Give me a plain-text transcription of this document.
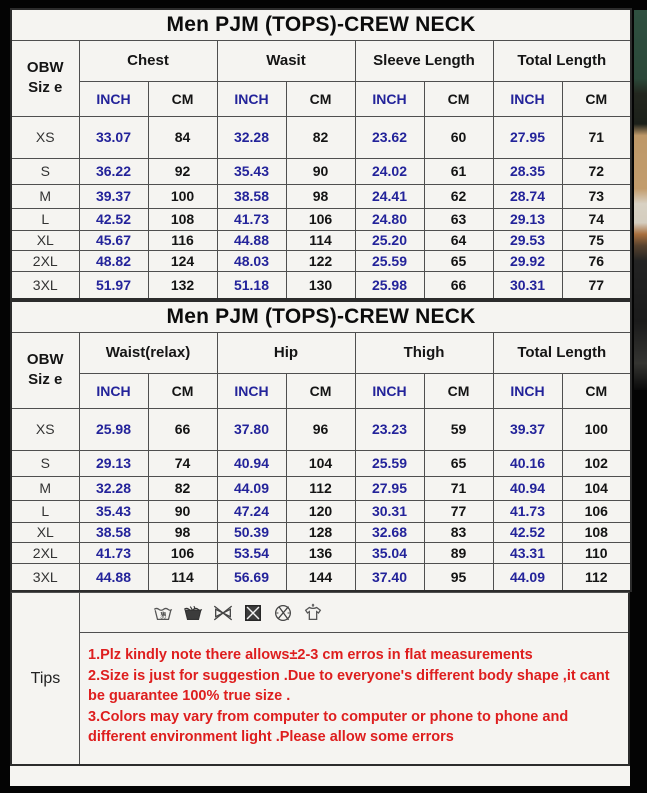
Men PJM (TOPS)-CREW NECK								

OBW
Siz e	Chest		Wasit		Sleeve Length		Total Length	
	INCH	CM	INCH	CM	INCH	CM	INCH	CM
XS	33.07	84	32.28	82	23.62	60	27.95	71
S	36.22	92	35.43	90	24.02	61	28.35	72
M	39.37	100	38.58	98	24.41	62	28.74	73
L	42.52	108	41.73	106	24.80	63	29.13	74
XL	45.67	116	44.88	114	25.20	64	29.53	75
2XL	48.82	124	48.03	122	25.59	65	29.92	76
3XL	51.97	132	51.18	130	25.98	66	30.31	77
Men PJM (TOPS)-CREW NECK								

OBW
Siz e	Waist(relax)		Hip		Thigh		Total Length	
	INCH	CM	INCH	CM	INCH	CM	INCH	CM
XS	25.98	66	37.80	96	23.23	59	39.37	100
S	29.13	74	40.94	104	25.59	65	40.16	102
M	32.28	82	44.09	112	27.95	71	40.94	104
L	35.43	90	47.24	120	30.31	77	41.73	106
XL	38.58	98	50.39	128	32.68	83	42.52	108
2XL	41.73	106	53.54	136	35.04	89	43.31	110
3XL	44.88	114	56.69	144	37.40	95	44.09	112
Tips
30

1.Plz kindly note there allows±2-3 cm erros in flat measurements

2.Size is just for suggestion .Due to everyone's different body shape ,it cant be guarantee 100% true size .

3.Colors may vary from computer to computer or phone to phone and different environment light .Please allow some errors
